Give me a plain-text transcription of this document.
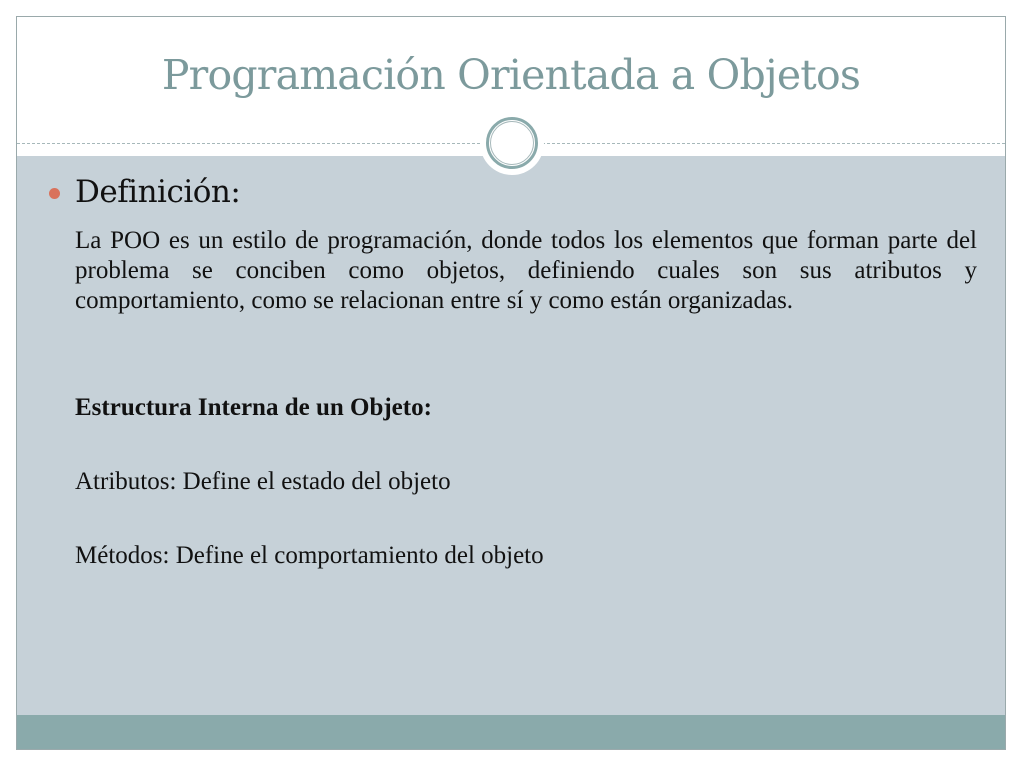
Programación Orientada a Objetos
Definición:
La POO es un estilo de programación, donde todos los elementos que forman parte del problema se conciben como objetos, definiendo cuales son sus atributos y comportamiento, como se relacionan entre sí y como están organizadas.
Estructura Interna de un Objeto:
Atributos: Define el estado del objeto
Métodos: Define el comportamiento del objeto
